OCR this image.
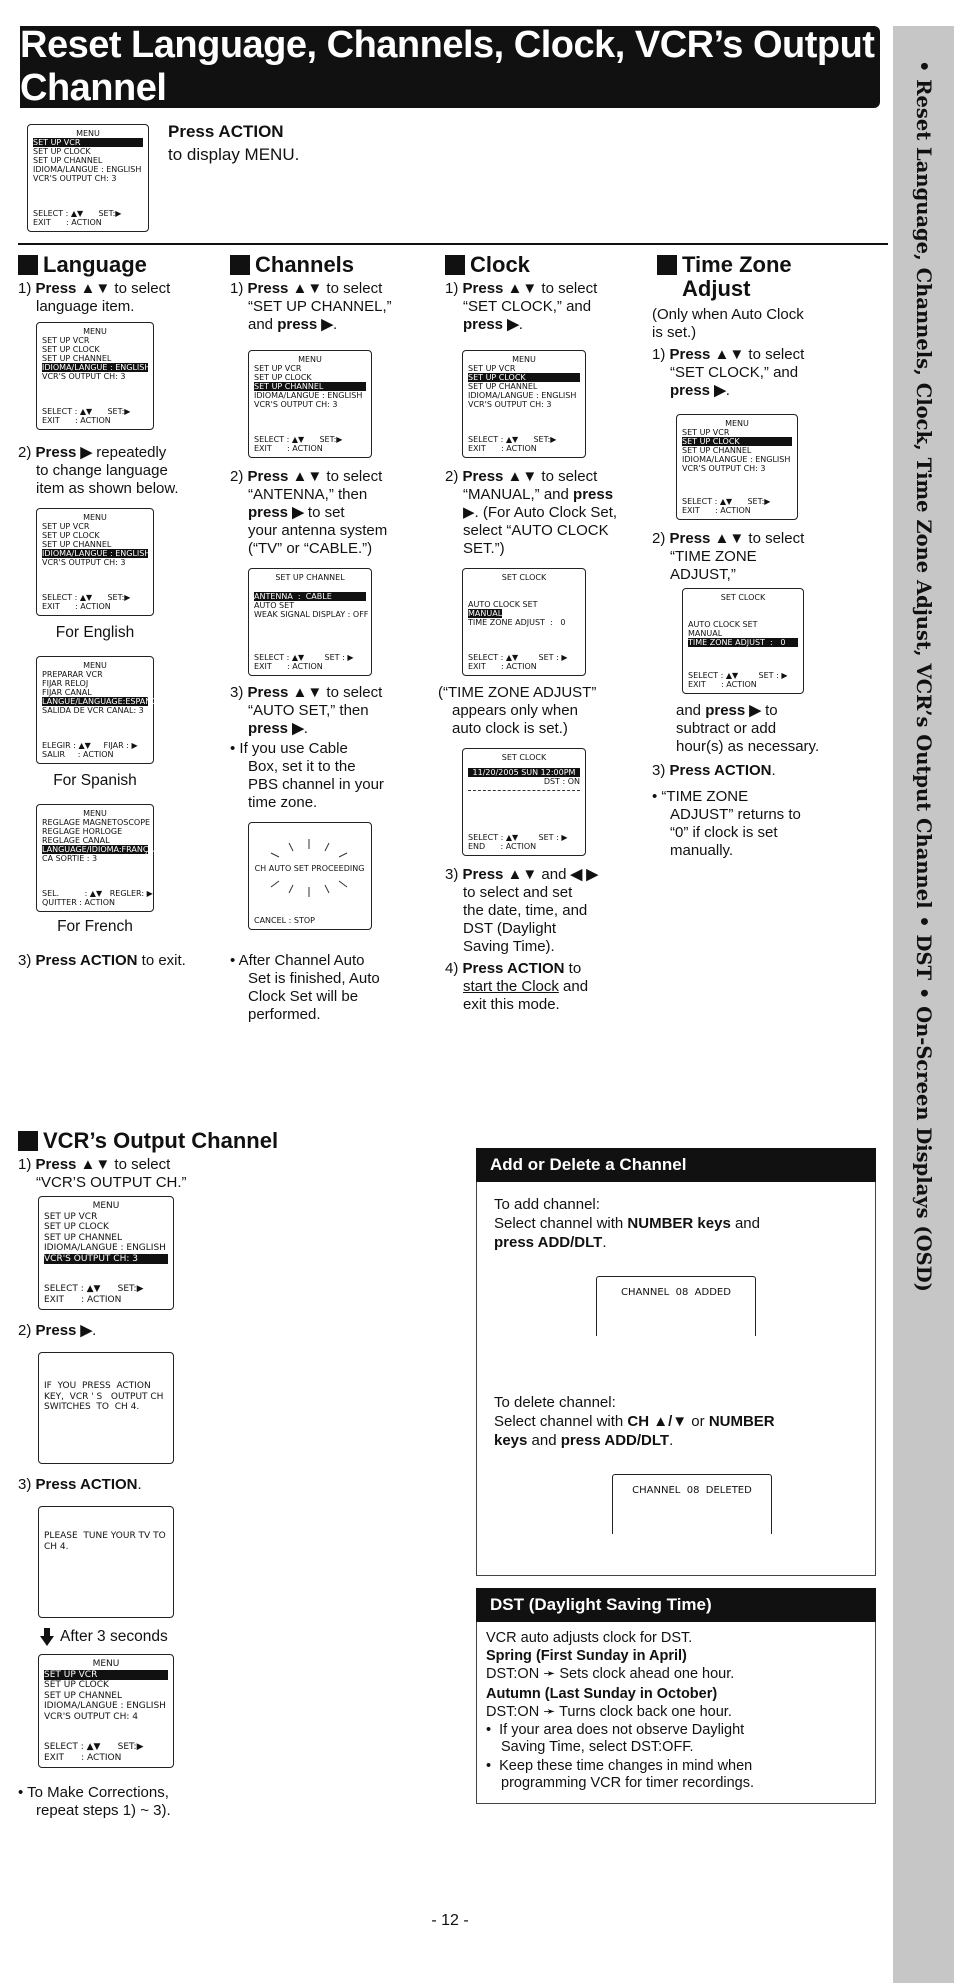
Reset Language, Channels, Clock, VCR’s Output Channel	• Reset Language, Channels, Clock, Time Zone Adjust, VCR’s Output Channel • DST • On-Screen Displays (OSD)
MENU
SET UP VCR
SET UP CLOCK
SET UP CHANNEL
IDIOMA/LANGUE : ENGLISH
VCR'S OUTPUT CH: 3
SELECT : ▲▼      SET:▶
EXIT      : ACTION
Press ACTION
to display MENU.
Language
1) Press ▲▼ to select
language item.
MENU
SET UP VCR
SET UP CLOCK
SET UP CHANNEL
IDIOMA/LANGUE : ENGLISH
VCR'S OUTPUT CH: 3
SELECT : ▲▼      SET:▶
EXIT      : ACTION
2) Press ▶ repeatedly
to change language
item as shown below.
MENU
SET UP VCR
SET UP CLOCK
SET UP CHANNEL
IDIOMA/LANGUE : ENGLISH
VCR'S OUTPUT CH: 3
SELECT : ▲▼      SET:▶
EXIT      : ACTION
For English
MENU
PREPARAR VCR
FIJAR RELOJ
FIJAR CANAL
LANGUE/LANGUAGE:ESPAÑOL
SALIDA DE VCR CANAL: 3
ELEGIR : ▲▼     FIJAR : ▶
SALIR     : ACTION
For Spanish
MENU
REGLAGE MAGNETOSCOPE
REGLAGE HORLOGE
REGLAGE CANAL
LANGUAGE/IDIOMA:FRANÇAIS
CA SORTIE : 3
SEL.          : ▲▼   REGLER: ▶
QUITTER : ACTION
For French
3) Press ACTION to exit.
Channels
1) Press ▲▼ to select
“SET UP CHANNEL,”
and press ▶.
MENU
SET UP VCR
SET UP CLOCK
SET UP CHANNEL
IDIOMA/LANGUE : ENGLISH
VCR'S OUTPUT CH: 3
SELECT : ▲▼      SET:▶
EXIT      : ACTION
2) Press ▲▼ to select
“ANTENNA,” then
press ▶ to set
your antenna system
(“TV” or “CABLE.”)
SET UP CHANNEL
ANTENNA  :  CABLE
AUTO SET
WEAK SIGNAL DISPLAY : OFF
SELECT : ▲▼        SET : ▶
EXIT      : ACTION
3) Press ▲▼ to select
“AUTO SET,” then
press ▶.
• If you use Cable
Box, set it to the
PBS channel in your
time zone.
CH AUTO SET PROCEEDING
CANCEL : STOP
• After Channel Auto
Set is finished, Auto
Clock Set will be
performed.
Clock
1) Press ▲▼ to select
“SET CLOCK,” and
press ▶.
MENU
SET UP VCR
SET UP CLOCK
SET UP CHANNEL
IDIOMA/LANGUE : ENGLISH
VCR'S OUTPUT CH: 3
SELECT : ▲▼      SET:▶
EXIT      : ACTION
2) Press ▲▼ to select
“MANUAL,” and press
▶. (For Auto Clock Set,
select “AUTO CLOCK
SET.”)
SET CLOCK
AUTO CLOCK SET
MANUAL
TIME ZONE ADJUST  :   0
SELECT : ▲▼        SET : ▶
EXIT      : ACTION
(“TIME ZONE ADJUST”
appears only when
auto clock is set.)
SET CLOCK
11/20/2005 SUN 12:00PM
DST : ON
SELECT : ▲▼        SET : ▶
END      : ACTION
3) Press ▲▼ and ◀ ▶
to select and set
the date, time, and
DST (Daylight
Saving Time).
4) Press ACTION to
start the Clock and
exit this mode.
Time Zone
Adjust
(Only when Auto Clock
is set.)
1) Press ▲▼ to select
“SET CLOCK,” and
press ▶.
MENU
SET UP VCR
SET UP CLOCK
SET UP CHANNEL
IDIOMA/LANGUE : ENGLISH
VCR'S OUTPUT CH: 3
SELECT : ▲▼      SET:▶
EXIT      : ACTION
2) Press ▲▼ to select
“TIME ZONE
ADJUST,”
SET CLOCK
AUTO CLOCK SET
MANUAL
TIME ZONE ADJUST  :   0
SELECT : ▲▼        SET : ▶
EXIT      : ACTION
and press ▶ to
subtract or add
hour(s) as necessary.
3) Press ACTION.
• “TIME ZONE
ADJUST” returns to
“0” if clock is set
manually.
VCR’s Output Channel
1) Press ▲▼ to select
“VCR’S OUTPUT CH.”
MENU
SET UP VCR
SET UP CLOCK
SET UP CHANNEL
IDIOMA/LANGUE : ENGLISH
VCR'S OUTPUT CH: 3
SELECT : ▲▼      SET:▶
EXIT      : ACTION
2) Press ▶.
IF  YOU  PRESS  ACTION
KEY,  VCR ' S   OUTPUT CH
SWITCHES  TO  CH 4.
3) Press ACTION.
PLEASE  TUNE YOUR TV TO
CH 4.
After 3 seconds
MENU
SET UP VCR
SET UP CLOCK
SET UP CHANNEL
IDIOMA/LANGUE : ENGLISH
VCR'S OUTPUT CH: 4
SELECT : ▲▼      SET:▶
EXIT      : ACTION
• To Make Corrections,
repeat steps 1) ~ 3).
Add or Delete a Channel
To add channel:
Select channel with NUMBER keys and
press ADD/DLT.
CHANNEL  08  ADDED
To delete channel:
Select channel with CH ▲/▼ or NUMBER
keys and press ADD/DLT.
CHANNEL  08  DELETED
DST (Daylight Saving Time)
VCR auto adjusts clock for DST.
Spring (First Sunday in April)
DST:ON ➛ Sets clock ahead one hour.
Autumn (Last Sunday in October)
DST:ON ➛ Turns clock back one hour.
•  If your area does not observe Daylight
Saving Time, select DST:OFF.
•  Keep these time changes in mind when
programming VCR for timer recordings.
- 12 -
